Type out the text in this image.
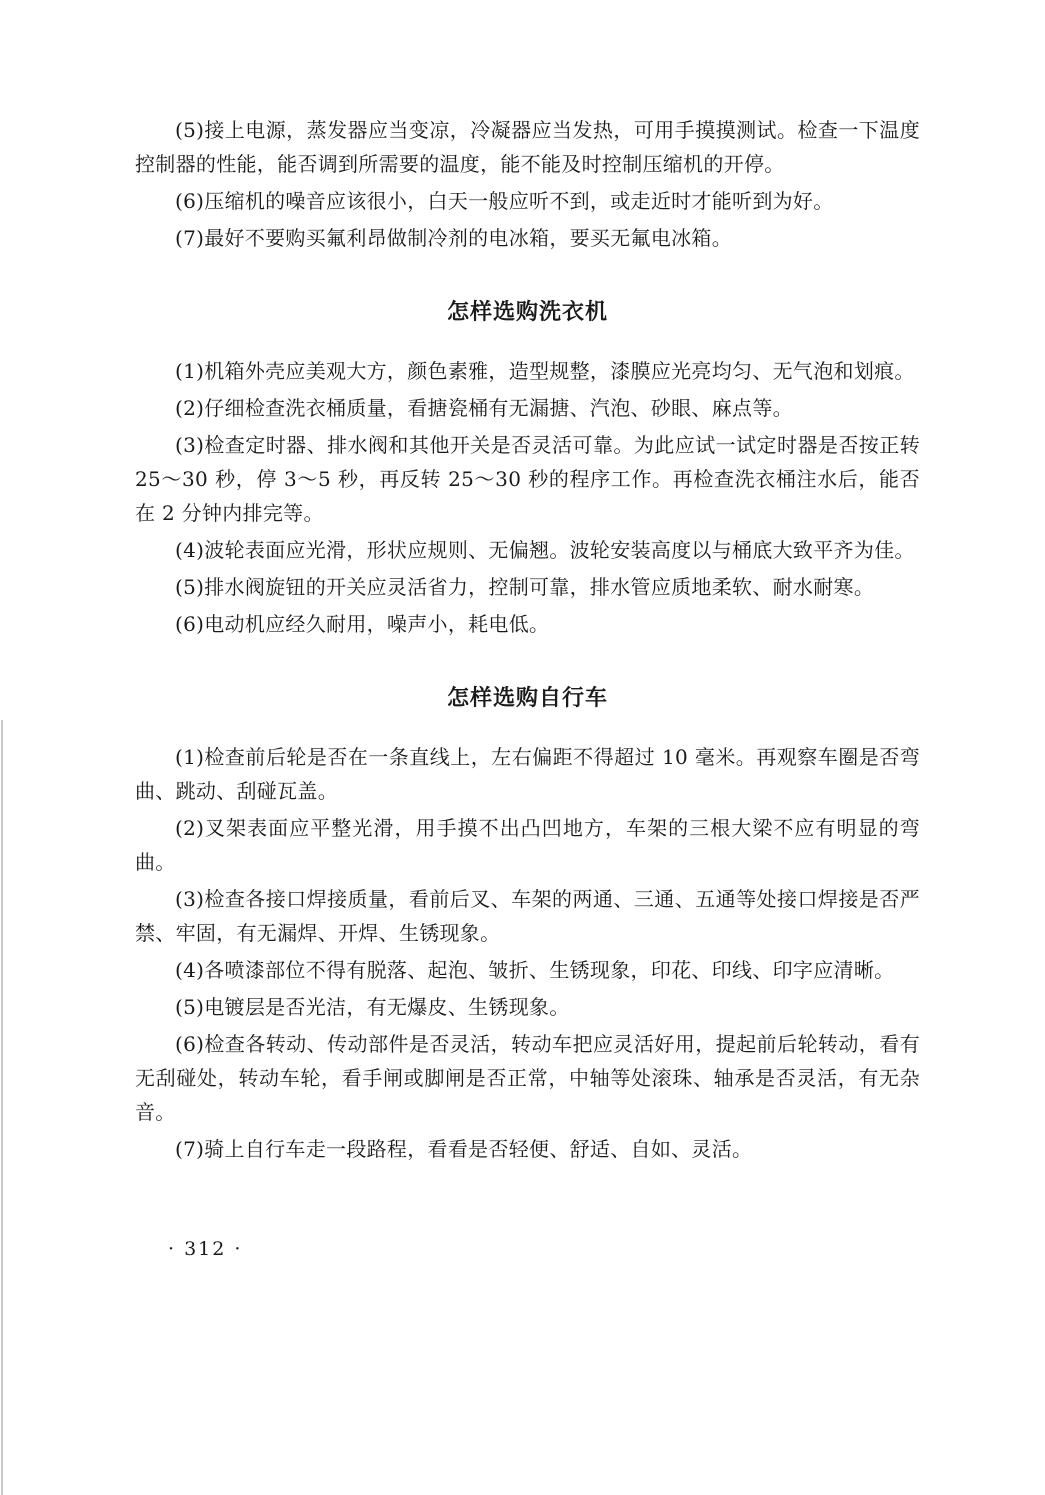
(5)接上电源，蒸发器应当变凉，冷凝器应当发热，可用手摸摸测试。检查一下温度控制器的性能，能否调到所需要的温度，能不能及时控制压缩机的开停。

(6)压缩机的噪音应该很小，白天一般应听不到，或走近时才能听到为好。

(7)最好不要购买氟利昂做制冷剂的电冰箱，要买无氟电冰箱。

怎样选购洗衣机

(1)机箱外壳应美观大方，颜色素雅，造型规整，漆膜应光亮均匀、无气泡和划痕。

(2)仔细检查洗衣桶质量，看搪瓷桶有无漏搪、汽泡、砂眼、麻点等。

(3)检查定时器、排水阀和其他开关是否灵活可靠。为此应试一试定时器是否按正转 25～30 秒，停 3～5 秒，再反转 25～30 秒的程序工作。再检查洗衣桶注水后，能否在 2 分钟内排完等。

(4)波轮表面应光滑，形状应规则、无偏翘。波轮安装高度以与桶底大致平齐为佳。

(5)排水阀旋钮的开关应灵活省力，控制可靠，排水管应质地柔软、耐水耐寒。

(6)电动机应经久耐用，噪声小，耗电低。

怎样选购自行车

(1)检查前后轮是否在一条直线上，左右偏距不得超过 10 毫米。再观察车圈是否弯曲、跳动、刮碰瓦盖。

(2)叉架表面应平整光滑，用手摸不出凸凹地方，车架的三根大梁不应有明显的弯曲。

(3)检查各接口焊接质量，看前后叉、车架的两通、三通、五通等处接口焊接是否严禁、牢固，有无漏焊、开焊、生锈现象。

(4)各喷漆部位不得有脱落、起泡、皱折、生锈现象，印花、印线、印字应清晰。

(5)电镀层是否光洁，有无爆皮、生锈现象。

(6)检查各转动、传动部件是否灵活，转动车把应灵活好用，提起前后轮转动，看有无刮碰处，转动车轮，看手闸或脚闸是否正常，中轴等处滚珠、轴承是否灵活，有无杂音。

(7)骑上自行车走一段路程，看看是否轻便、舒适、自如、灵活。

· 312 ·
